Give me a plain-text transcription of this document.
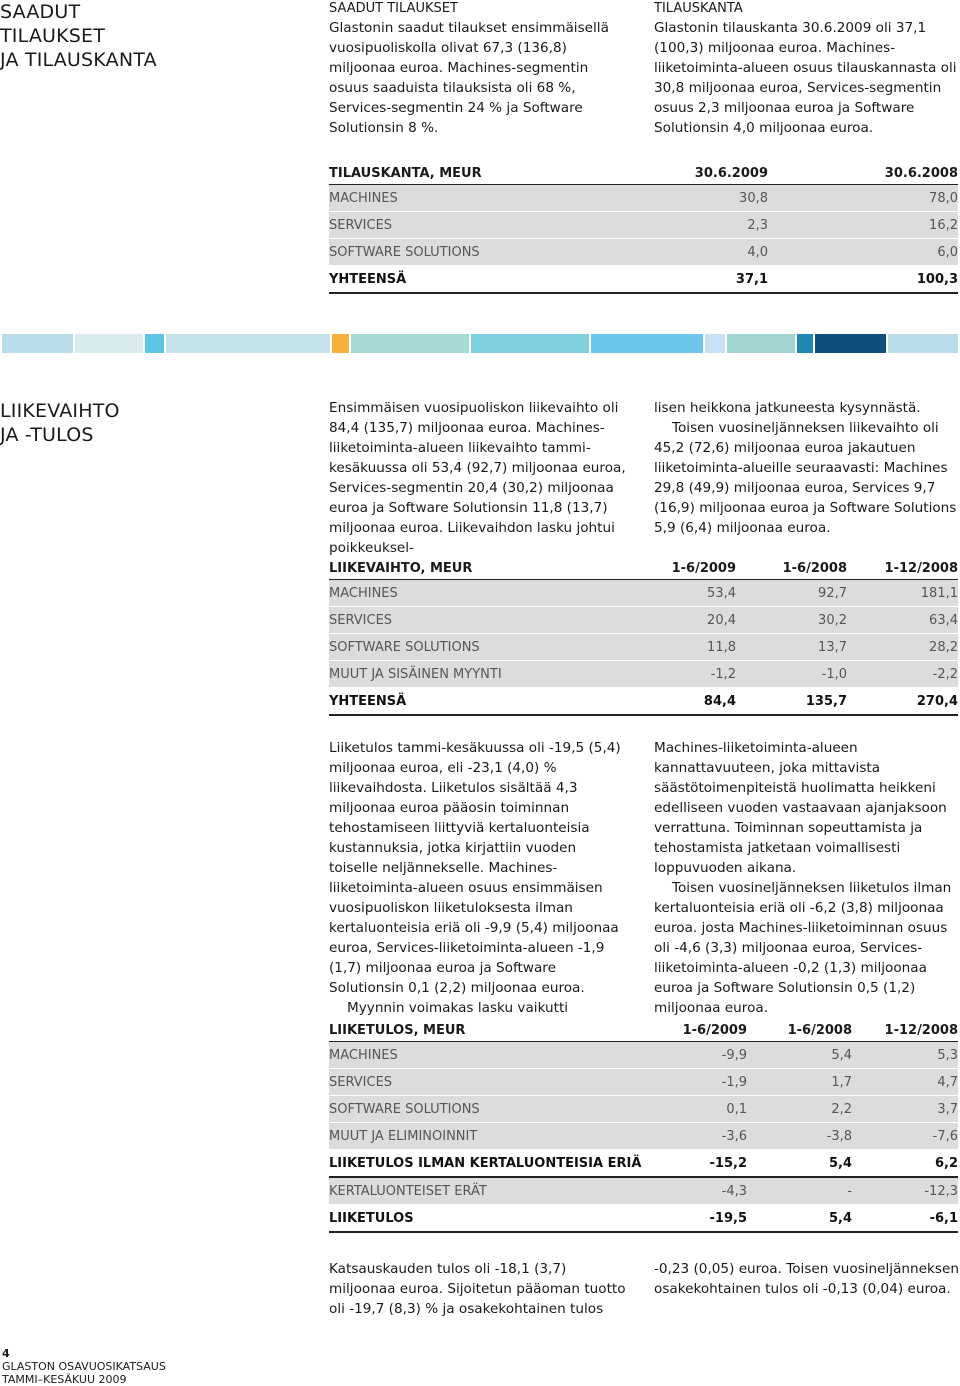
SAADUT TILAUKSET
JA TILAUSKANTA

SAADUT TILAUKSET

Glastonin saadut tilaukset ensimmäisellä vuosipuoliskolla olivat 67,3 (136,8) miljoonaa euroa. Machines-segmentin osuus saaduista tilauksista oli 68 %, Services-segmentin 24 % ja Software Solutionsin 8 %.

TILAUSKANTA

Glastonin tilauskanta 30.6.2009 oli 37,1 (100,3) miljoonaa euroa. Machines-liiketoiminta-alueen osuus tilauskannasta oli 30,8 miljoonaa euroa, Services-segmentin osuus 2,3 miljoonaa euroa ja Software Solutionsin 4,0 miljoonaa euroa.

TILAUSKANTA, MEUR	30.6.2009	30.6.2008
MACHINES	30,8	78,0
SERVICES	2,3	16,2
SOFTWARE SOLUTIONS	4,0	6,0
YHTEENSÄ	37,1	100,3
LIIKEVAIHTO
JA -TULOS

Ensimmäisen vuosipuoliskon liikevaihto oli 84,4 (135,7) miljoonaa euroa. Machines-liiketoiminta-alueen liikevaihto tammi-kesäkuussa oli 53,4 (92,7) miljoonaa euroa, Services-segmentin 20,4 (30,2) miljoonaa euroa ja Software Solutionsin 11,8 (13,7) miljoonaa euroa. Liikevaihdon lasku johtui poikkeuksel-

lisen heikkona jatkuneesta kysynnästä.

Toisen vuosineljänneksen liikevaihto oli 45,2 (72,6) miljoonaa euroa jakautuen liiketoiminta-alueille seuraavasti: Machines 29,8 (49,9) miljoonaa euroa, Services 9,7 (16,9) miljoonaa euroa ja Software Solutions 5,9 (6,4) miljoonaa euroa.

LIIKEVAIHTO, MEUR	1-6/2009	1-6/2008	1-12/2008
MACHINES	53,4	92,7	181,1
SERVICES	20,4	30,2	63,4
SOFTWARE SOLUTIONS	11,8	13,7	28,2
MUUT JA SISÄINEN MYYNTI	-1,2	-1,0	-2,2
YHTEENSÄ	84,4	135,7	270,4

Liiketulos tammi-kesäkuussa oli -19,5 (5,4) miljoonaa euroa, eli -23,1 (4,0) % liikevaihdosta. Liiketulos sisältää 4,3 miljoonaa euroa pääosin toiminnan tehostamiseen liittyviä kertaluonteisia kustannuksia, jotka kirjattiin vuoden toiselle neljännekselle. Machines-liiketoiminta-alueen osuus ensimmäisen vuosipuoliskon liiketuloksesta ilman kertaluonteisia eriä oli -9,9 (5,4) miljoonaa euroa, Services-liiketoiminta-alueen -1,9 (1,7) miljoonaa euroa ja Software Solutionsin 0,1 (2,2) miljoonaa euroa.

Myynnin voimakas lasku vaikutti

Machines-liiketoiminta-alueen kannattavuuteen, joka mittavista säästötoimenpiteistä huolimatta heikkeni edelliseen vuoden vastaavaan ajanjaksoon verrattuna. Toiminnan sopeuttamista ja tehostamista jatketaan voimallisesti loppuvuoden aikana.

Toisen vuosineljänneksen liiketulos ilman kertaluonteisia eriä oli -6,2 (3,8) miljoonaa euroa. josta Machines-liiketoiminnan osuus oli -4,6 (3,3) miljoonaa euroa, Services-liiketoiminta-alueen -0,2 (1,3) miljoonaa euroa ja Software Solutionsin 0,5 (1,2) miljoonaa euroa.

LIIKETULOS, MEUR	1-6/2009	1-6/2008	1-12/2008
MACHINES	-9,9	5,4	5,3
SERVICES	-1,9	1,7	4,7
SOFTWARE SOLUTIONS	0,1	2,2	3,7
MUUT JA ELIMINOINNIT	-3,6	-3,8	-7,6
LIIKETULOS ILMAN KERTALUONTEISIA ERIÄ	-15,2	5,4	6,2
KERTALUONTEISET ERÄT	-4,3	-	-12,3
LIIKETULOS	-19,5	5,4	-6,1

Katsauskauden tulos oli -18,1 (3,7) miljoonaa euroa. Sijoitetun pääoman tuotto oli -19,7 (8,3) % ja osakekohtainen tulos

-0,23 (0,05) euroa. Toisen vuosineljänneksen osakekohtainen tulos oli -0,13 (0,04) euroa.

4
GLASTON OSAVUOSIKATSAUS
TAMMI–KESÄKUU 2009
